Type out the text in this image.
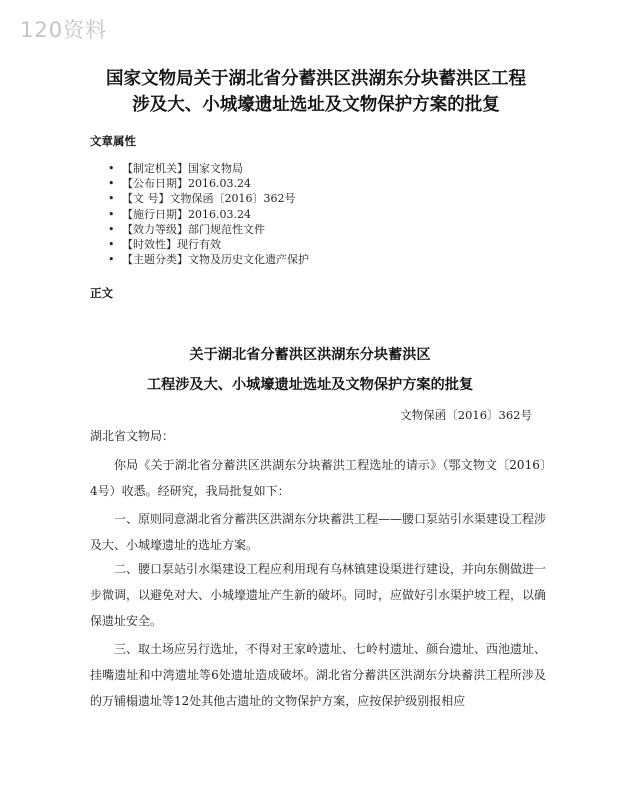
120资料
国家文物局关于湖北省分蓄洪区洪湖东分块蓄洪区工程
涉及大、小城壕遗址选址及文物保护方案的批复
文章属性
• 【制定机关】国家文物局
• 【公布日期】2016.03.24
• 【文 号】文物保函〔2016〕362号
• 【施行日期】2016.03.24
• 【效力等级】部门规范性文件
• 【时效性】现行有效
• 【主题分类】文物及历史文化遗产保护
正文
关于湖北省分蓄洪区洪湖东分块蓄洪区
工程涉及大、小城壕遗址选址及文物保护方案的批复
文物保函〔2016〕362号
湖北省文物局：
你局《关于湖北省分蓄洪区洪湖东分块蓄洪工程选址的请示》（鄂文物文〔2016〕4号）收悉。经研究，我局批复如下：
一、原则同意湖北省分蓄洪区洪湖东分块蓄洪工程——腰口泵站引水渠建设工程涉及大、小城壕遗址的选址方案。
二、腰口泵站引水渠建设工程应利用现有乌林镇建设渠进行建设，并向东侧做进一步微调，以避免对大、小城壕遗址产生新的破坏。同时，应做好引水渠护坡工程，以确保遗址安全。
三、取土场应另行选址，不得对王家岭遗址、七岭村遗址、颜台遗址、西池遗址、挂嘴遗址和中湾遗址等6处遗址造成破坏。湖北省分蓄洪区洪湖东分块蓄洪工程所涉及的万铺榻遗址等12处其他古遗址的文物保护方案，应按保护级别报相应
